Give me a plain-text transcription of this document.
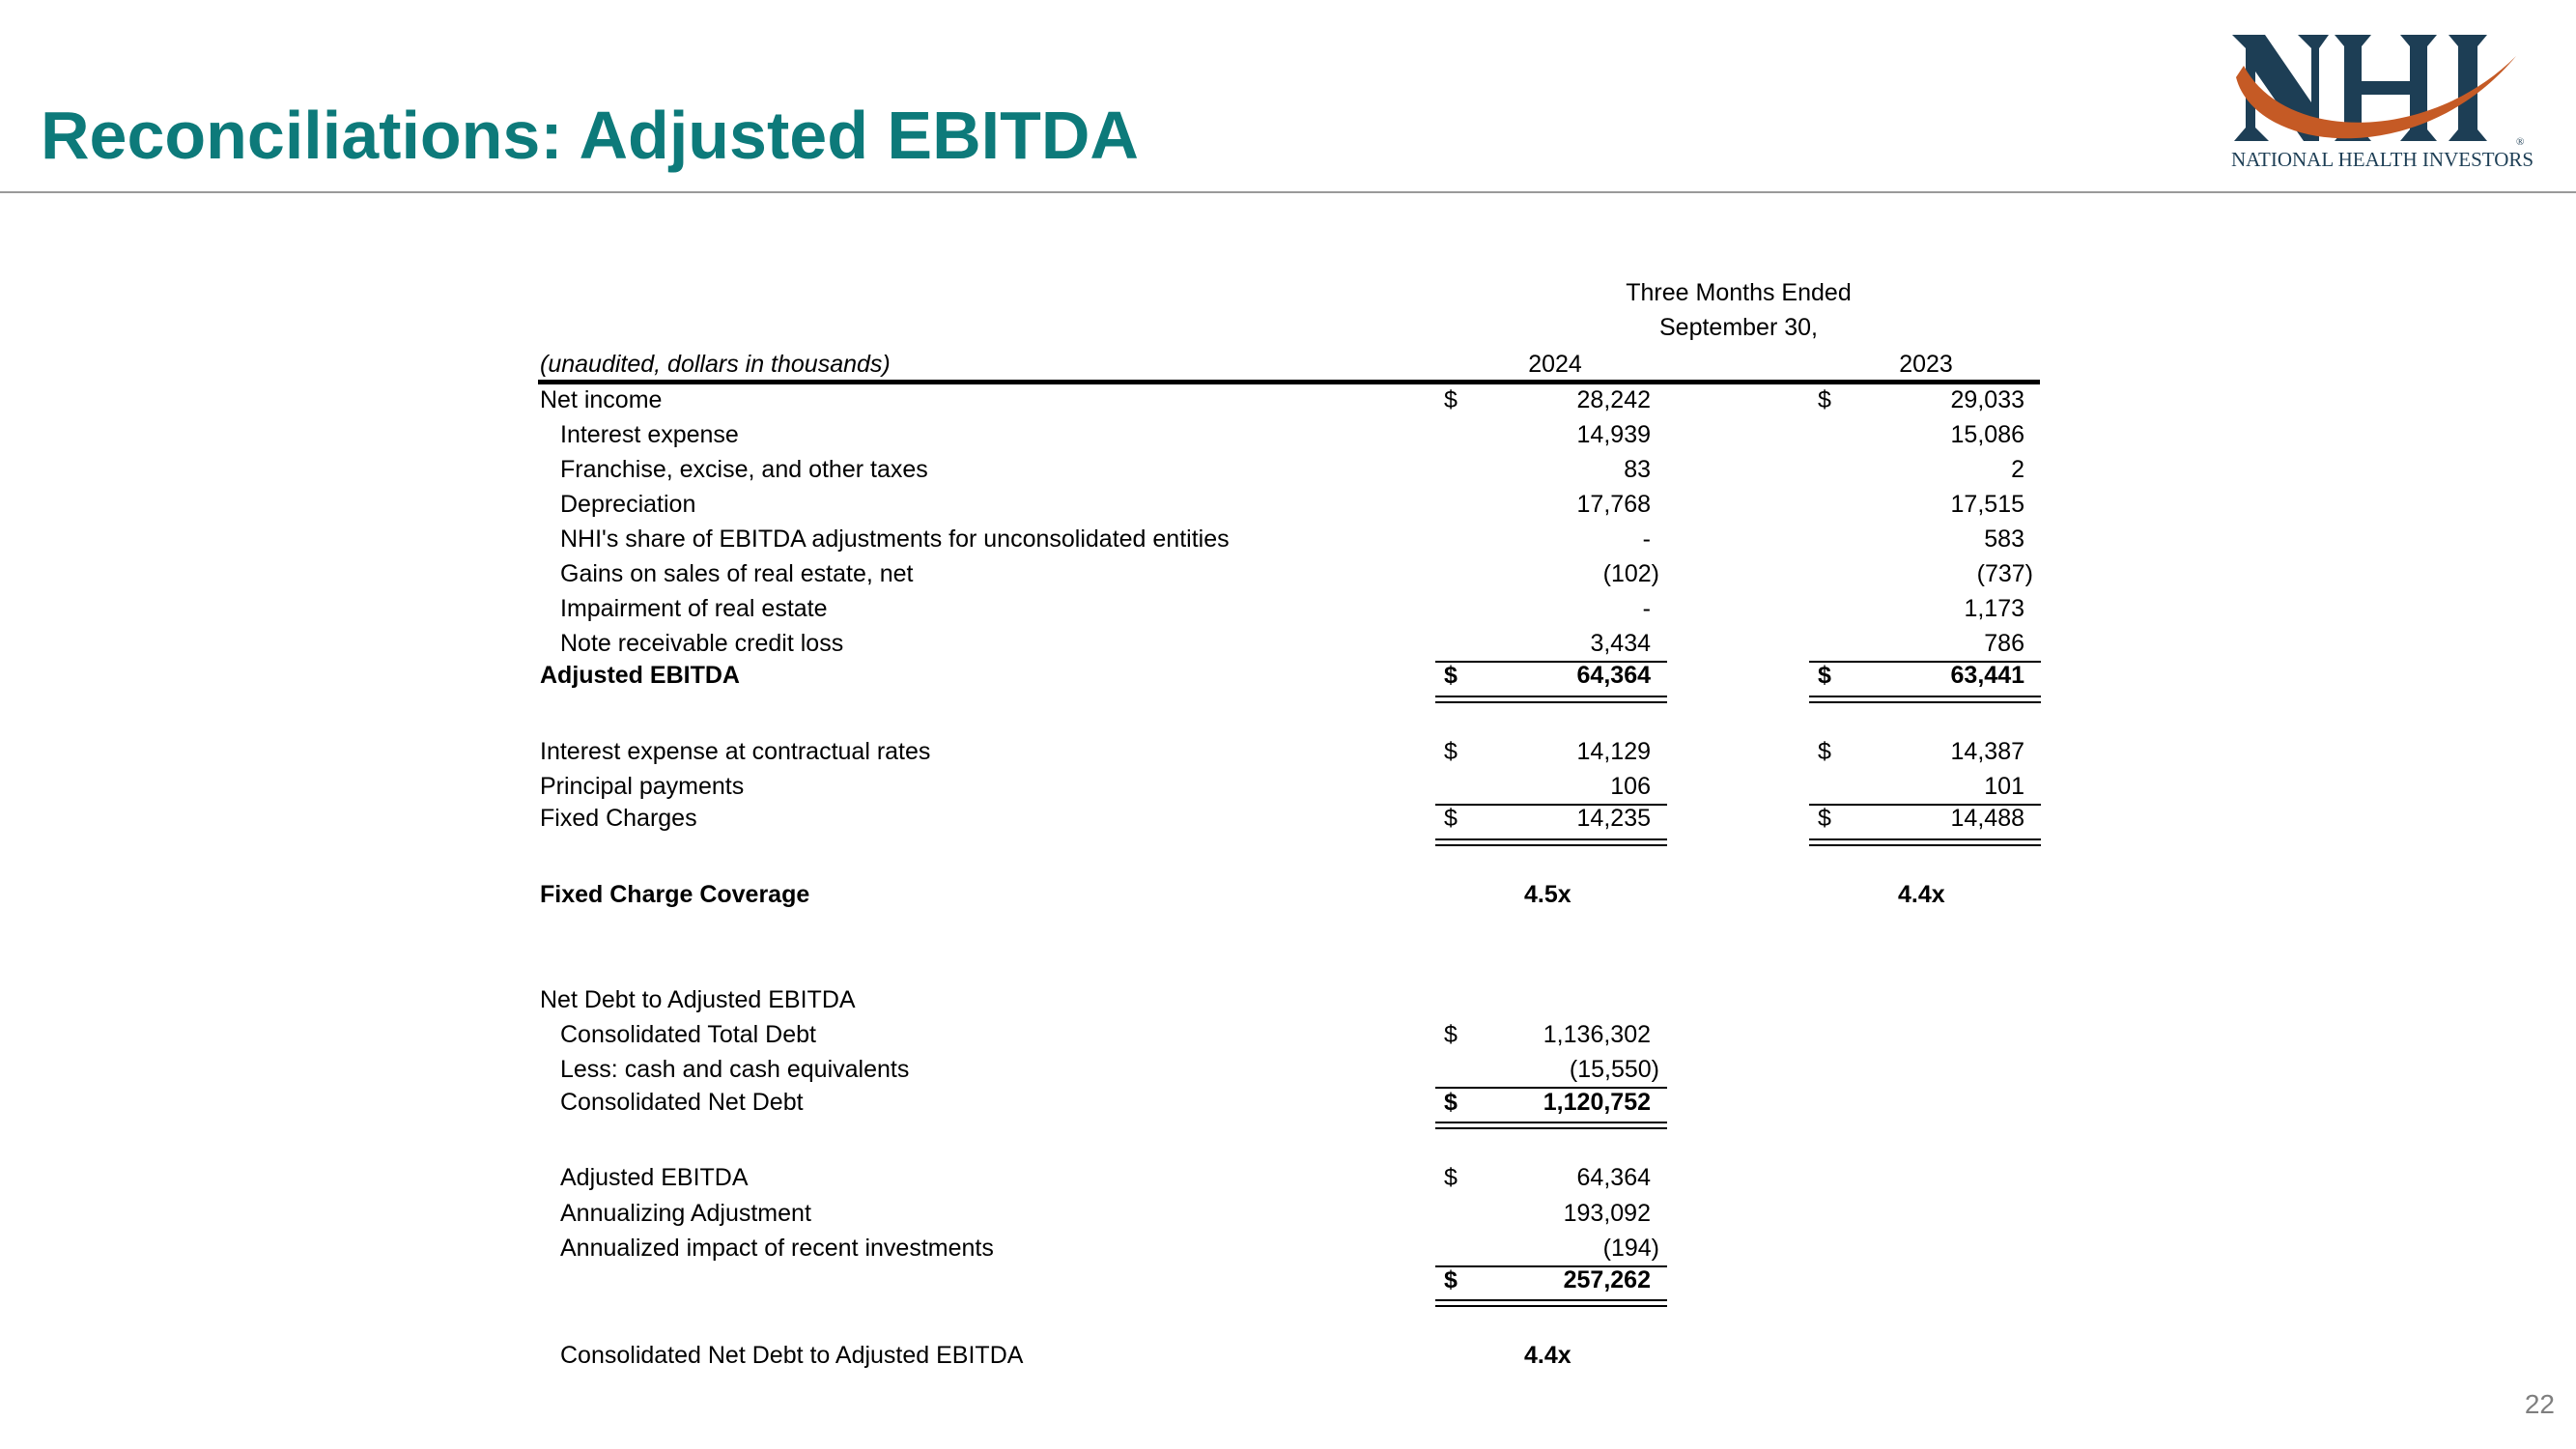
Reconciliations: Adjusted EBITDA	®
NATIONAL HEALTH INVESTORS
Three Months Ended
September 30,
(unaudited, dollars in thousands)	2024	2023
Net income	$	28,242	$	29,033
Interest expense	14,939	15,086
Franchise, excise, and other taxes	83	2
Depreciation	17,768	17,515
NHI's share of EBITDA adjustments for unconsolidated entities	-	583
Gains on sales of real estate, net	(102)	(737)
Impairment of real estate	-	1,173
Note receivable credit loss	3,434	786
Adjusted EBITDA	$	64,364	$	63,441
Interest expense at contractual rates	$	14,129	$	14,387
Principal payments	106	101
Fixed Charges	$	14,235	$	14,488
Fixed Charge Coverage	4.5x	4.4x
Net Debt to Adjusted EBITDA
Consolidated Total Debt	$	1,136,302
Less: cash and cash equivalents	(15,550)
Consolidated Net Debt	$	1,120,752
Adjusted EBITDA	$	64,364
Annualizing Adjustment	193,092
Annualized impact of recent investments	(194)
$	257,262
Consolidated Net Debt to Adjusted EBITDA	4.4x
22
